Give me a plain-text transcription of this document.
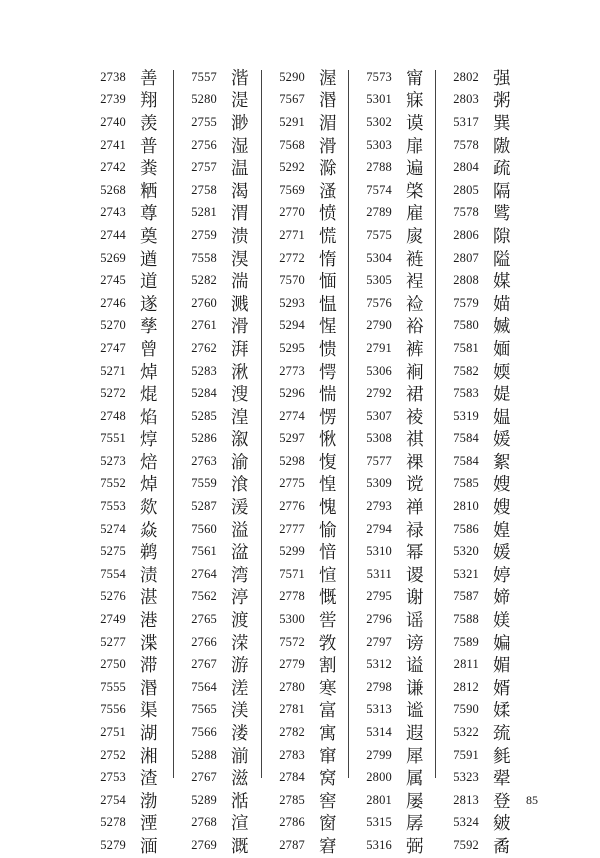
2738 善
2739 翔
2740 羡
2741 普
2742 粪
5268 粞
2743 尊
2744 奠
5269 遒
2745 道
2746 遂
5270 孳
2747 曾
5271 焯
5272 焜
2748 焰
7551 焞
5273 焙
7552 焯
7553 欻
5274 焱
5275 鹈
7554 渍
5276 湛
2749 港
5277 渫
2750 滞
7555 湣
7556 渠
2751 湖
2752 湘
2753 渣
2754 渤
5278 湮
5279 湎
7557 湝
5280 湜
2755 渺
2756 湿
2757 温
2758 渴
5281 渭
2759 溃
7558 湨
5282 湍
2760 溅
2761 滑
2762 湃
5283 湫
5284 溲
5285 湟
5286 溆
2763 渝
7559 湌
5287 湲
7560 溢
7561 湓
2764 湾
7562 渟
2765 渡
2766 溁
2767 游
7564 溠
7565 渼
7566 溇
5288 湔
2767 滋
5289 湉
2768 渲
2769 溉
5290 渥
7567 湣
5291 湄
7568 滑
5292 滁
7569 溞
2770 愤
2771 慌
2772 惰
7570 愐
5293 愠
5294 惺
5295 愦
2773 愕
5296 惴
2774 愣
5297 愀
5298 愎
2775 惶
2776 愧
2777 愉
5299 愔
7571 愃
2778 慨
5300 喾
7572 敩
2779 割
2780 寒
2781 富
2782 寓
2783 窜
2784 窝
2785 窖
2786 窗
2787 窘
7573 甯
5301 寐
5302 谟
5303 扉
2788 遍
7574 棨
2789 雇
7575 扊
5304 裢
5305 裎
7576 裣
2790 裕
2791 裤
5306 裥
2792 裙
5307 祾
5308 祺
7577 祼
5309 谠
2793 禅
2794 禄
5310 幂
5311 谡
2795 谢
2796 谣
2797 谤
5312 谥
2798 谦
5313 谧
5314 遐
2799 犀
2800 属
2801 屡
5315 孱
5316 弼
2802 强
2803 粥
5317 巽
7578 隞
2804 疏
2805 隔
7578 骘
2806 隙
2807 隘
2808 媒
7579 媌
7580 媙
7581 媔
7582 媆
7583 媞
5319 媪
7584 媛
7584 絮
7585 嫂
2810 嫂
7586 媓
5320 媛
5321 婷
7587 媂
7588 媄
7589 媥
2811 媚
2812 婿
7590 媃
5322 巯
7591 毵
5323 翚
2813 登
5324 皴
7592 矞
85
